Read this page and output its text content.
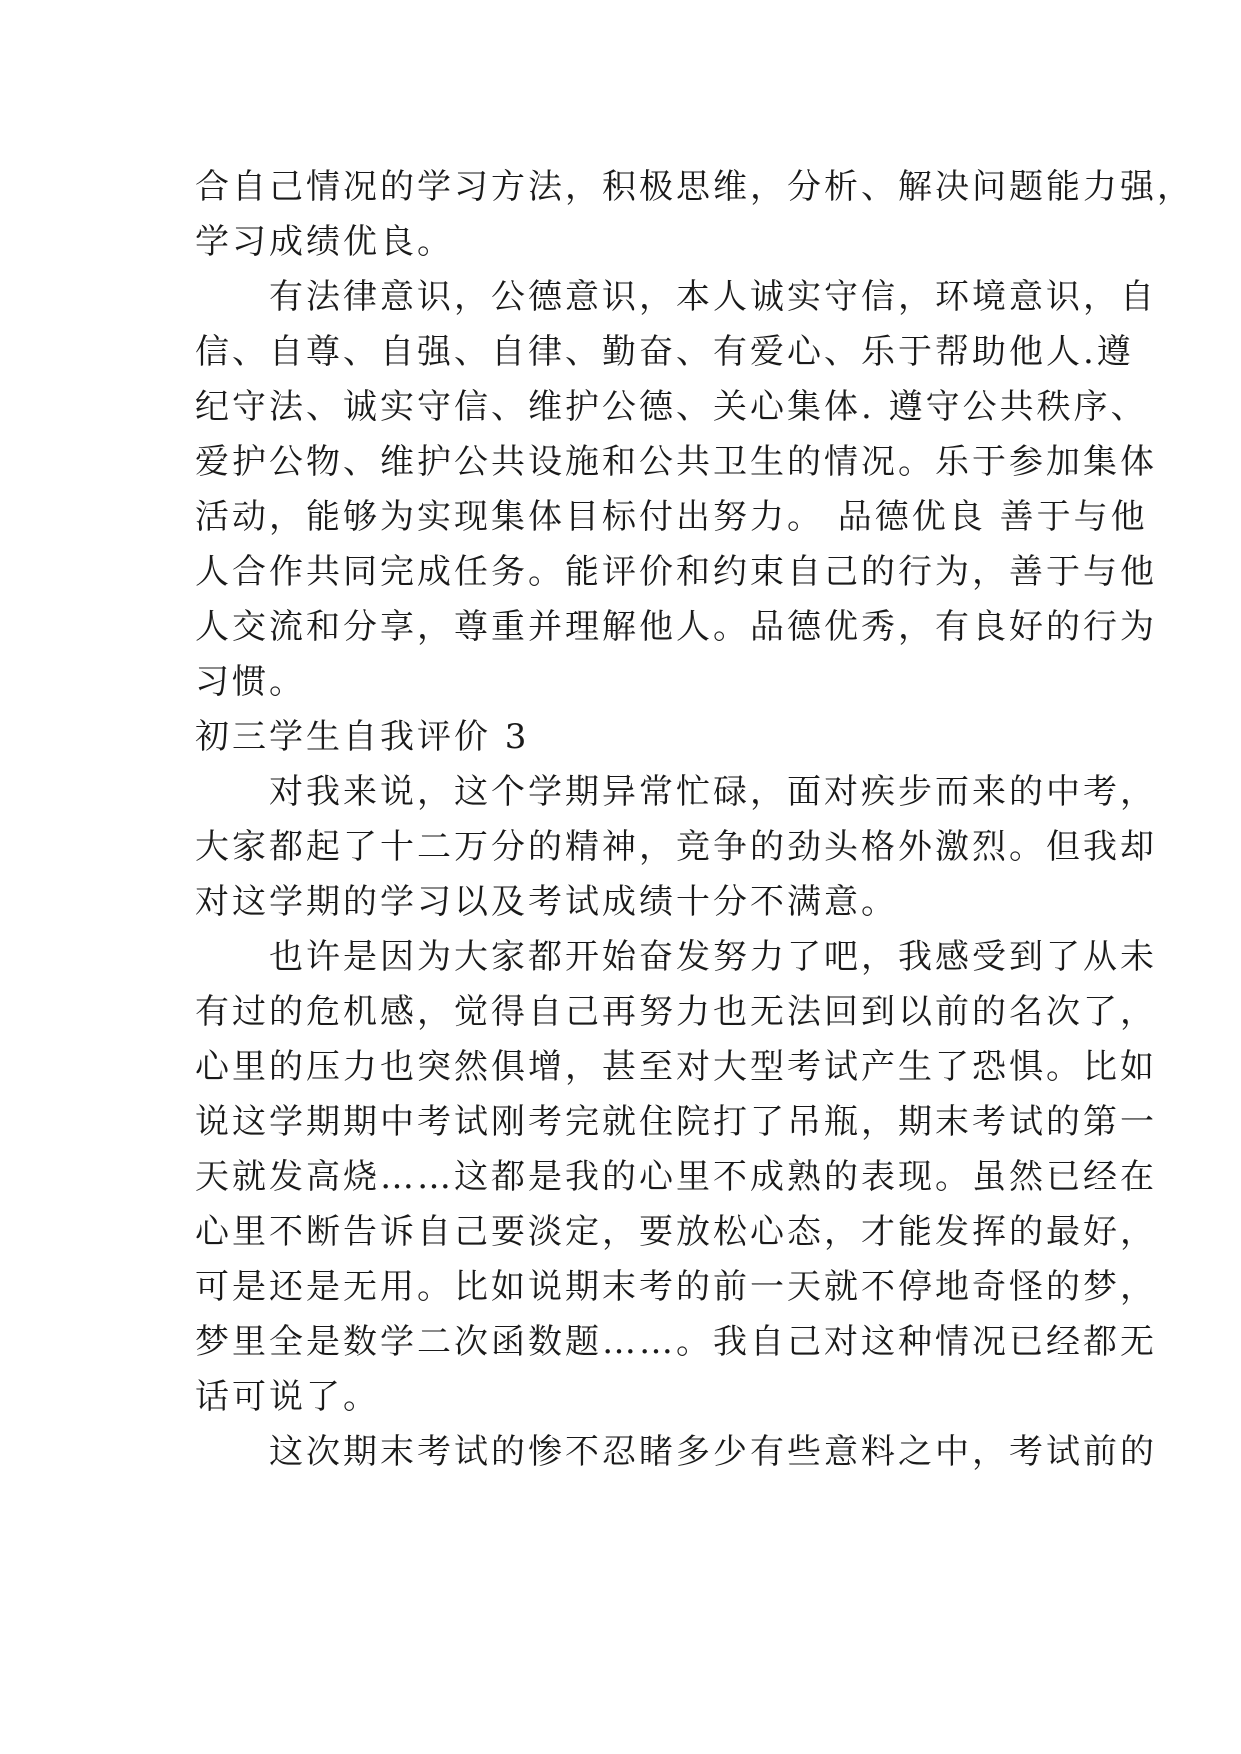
合自己情况的学习方法，积极思维，分析、解决问题能力强，
学习成绩优良。
　　有法律意识，公德意识，本人诚实守信，环境意识，自
信、自尊、自强、自律、勤奋、有爱心、乐于帮助他人.遵
纪守法、诚实守信、维护公德、关心集体. 遵守公共秩序、
爱护公物、维护公共设施和公共卫生的情况。乐于参加集体
活动，能够为实现集体目标付出努力。 品德优良 善于与他
人合作共同完成任务。能评价和约束自己的行为，善于与他
人交流和分享，尊重并理解他人。品德优秀，有良好的行为
习惯。
初三学生自我评价 3
　　对我来说，这个学期异常忙碌，面对疾步而来的中考，
大家都起了十二万分的精神，竞争的劲头格外激烈。但我却
对这学期的学习以及考试成绩十分不满意。
　　也许是因为大家都开始奋发努力了吧，我感受到了从未
有过的危机感，觉得自己再努力也无法回到以前的名次了，
心里的压力也突然俱增，甚至对大型考试产生了恐惧。比如
说这学期期中考试刚考完就住院打了吊瓶，期末考试的第一
天就发高烧……这都是我的心里不成熟的表现。虽然已经在
心里不断告诉自己要淡定，要放松心态，才能发挥的最好，
可是还是无用。比如说期末考的前一天就不停地奇怪的梦，
梦里全是数学二次函数题……。我自己对这种情况已经都无
话可说了。
　　这次期末考试的惨不忍睹多少有些意料之中，考试前的
